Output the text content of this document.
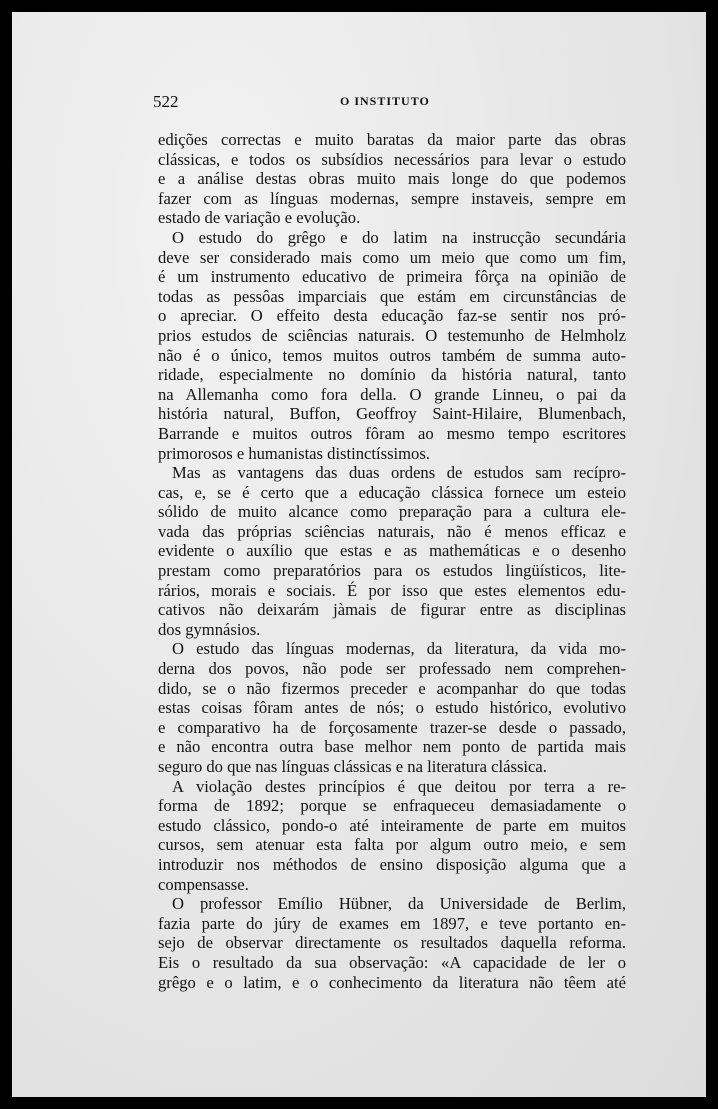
522	O INSTITUTO
edições correctas e muito baratas da maior parte das obras
clássicas, e todos os subsídios necessários para levar o estudo
e a análise destas obras muito mais longe do que podemos
fazer com as línguas modernas, sempre instaveis, sempre em
estado de variação e evolução.
O estudo do grêgo e do latim na instrucção secundária
deve ser considerado mais como um meio que como um fim,
é um instrumento educativo de primeira fôrça na opinião de
todas as pessôas imparciais que estám em circunstâncias de
o apreciar. O effeito desta educação faz-se sentir nos pró-
prios estudos de sciências naturais. O testemunho de Helmholz
não é o único, temos muitos outros também de summa auto-
ridade, especialmente no domínio da história natural, tanto
na Allemanha como fora della. O grande Linneu, o pai da
história natural, Buffon, Geoffroy Saint-Hilaire, Blumenbach,
Barrande e muitos outros fôram ao mesmo tempo escritores
primorosos e humanistas distinctíssimos.
Mas as vantagens das duas ordens de estudos sam recípro-
cas, e, se é certo que a educação clássica fornece um esteio
sólido de muito alcance como preparação para a cultura ele-
vada das próprias sciências naturais, não é menos efficaz e
evidente o auxílio que estas e as mathemáticas e o desenho
prestam como preparatórios para os estudos lingüísticos, lite-
rários, morais e sociais. É por isso que estes elementos edu-
cativos não deixarám jàmais de figurar entre as disciplinas
dos gymnásios.
O estudo das línguas modernas, da literatura, da vida mo-
derna dos povos, não pode ser professado nem comprehen-
dido, se o não fizermos preceder e acompanhar do que todas
estas coisas fôram antes de nós; o estudo histórico, evolutivo
e comparativo ha de forçosamente trazer-se desde o passado,
e não encontra outra base melhor nem ponto de partida mais
seguro do que nas línguas clássicas e na literatura clássica.
A violação destes princípios é que deitou por terra a re-
forma de 1892; porque se enfraqueceu demasiadamente o
estudo clássico, pondo-o até inteiramente de parte em muitos
cursos, sem atenuar esta falta por algum outro meio, e sem
introduzir nos méthodos de ensino disposição alguma que a
compensasse.
O professor Emílio Hübner, da Universidade de Berlim,
fazia parte do júry de exames em 1897, e teve portanto en-
sejo de observar directamente os resultados daquella reforma.
Eis o resultado da sua observação: «A capacidade de ler o
grêgo e o latim, e o conhecimento da literatura não têem até
